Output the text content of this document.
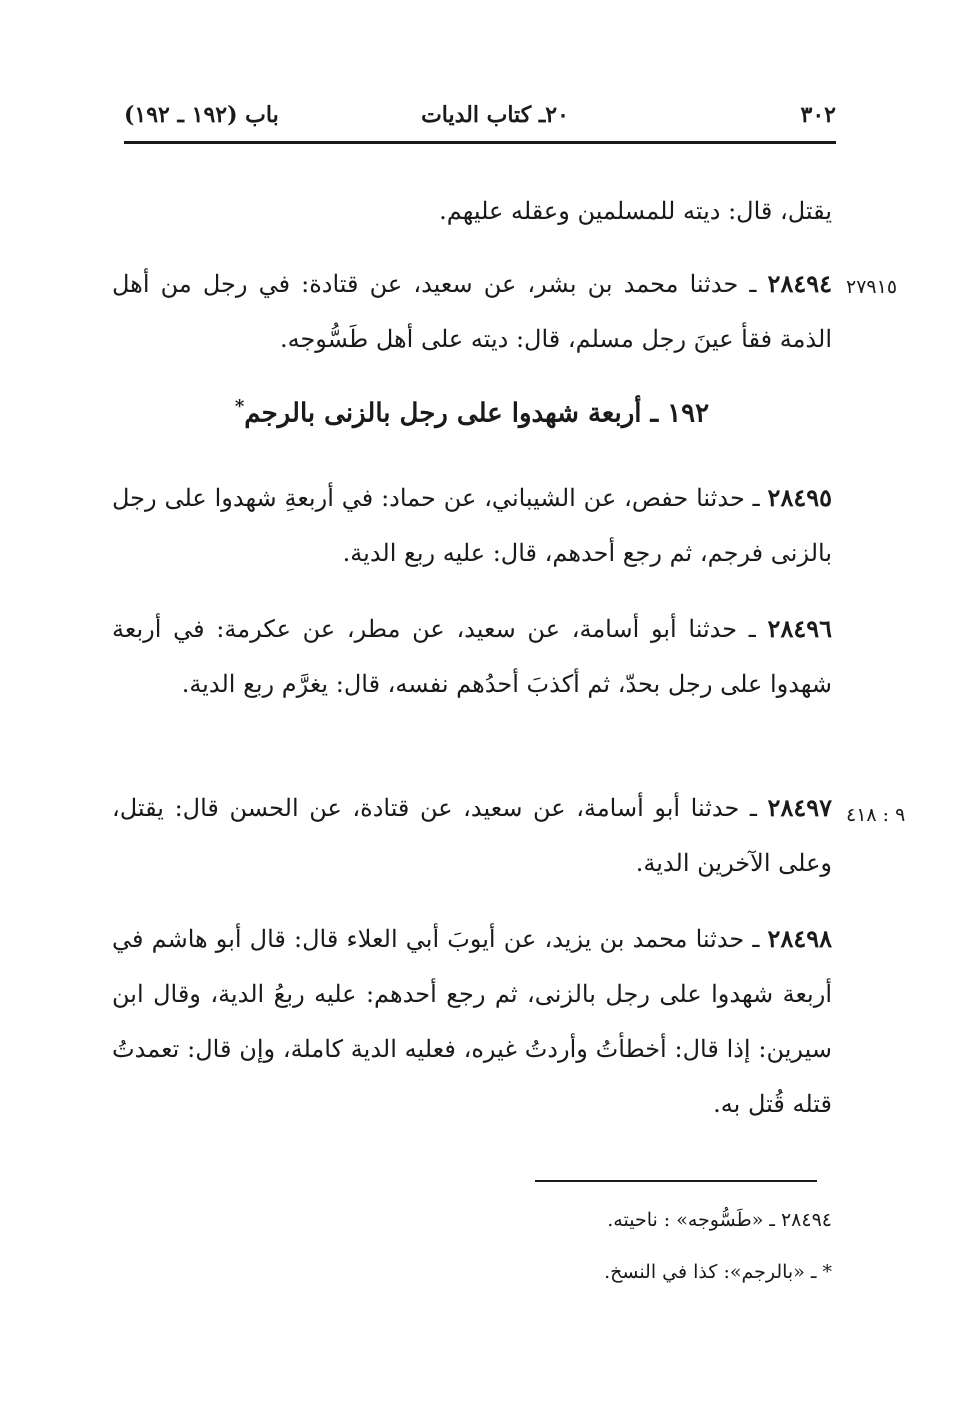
٣٠٢
٢٠ـ كتاب الديات
باب (١٩٢ ـ ١٩٢)
يقتل، قال: ديته للمسلمين وعقله عليهم.
٢٧٩١٥
٢٨٤٩٤ ـ حدثنا محمد بن بشر، عن سعيد، عن قتادة: في رجل من أهل الذمة فقأ عينَ رجل مسلم، قال: ديته على أهل طَسُّوجه.
١٩٢ ـ أربعة شهدوا على رجل بالزنى بالرجم*
٢٨٤٩٥ ـ حدثنا حفص، عن الشيباني، عن حماد: في أربعةِ شهدوا على رجل بالزنى فرجم، ثم رجع أحدهم، قال: عليه ربع الدية.
٢٨٤٩٦ ـ حدثنا أبو أسامة، عن سعيد، عن مطر، عن عكرمة: في أربعة شهدوا على رجل بحدّ، ثم أكذبَ أحدُهم نفسه، قال: يغرَّم ربع الدية.
٩ : ٤١٨
٢٨٤٩٧ ـ حدثنا أبو أسامة، عن سعيد، عن قتادة، عن الحسن قال: يقتل، وعلى الآخرين الدية.
٢٨٤٩٨ ـ حدثنا محمد بن يزيد، عن أيوبَ أبي العلاء قال: قال أبو هاشم في أربعة شهدوا على رجل بالزنى، ثم رجع أحدهم: عليه ربعُ الدية، وقال ابن سيرين: إذا قال: أخطأتُ وأردتُ غيره، فعليه الدية كاملة، وإن قال: تعمدتُ قتله قُتل به.
٢٨٤٩٤ ـ «طَسُّوجه» : ناحيته.
* ـ «بالرجم»: كذا في النسخ.
